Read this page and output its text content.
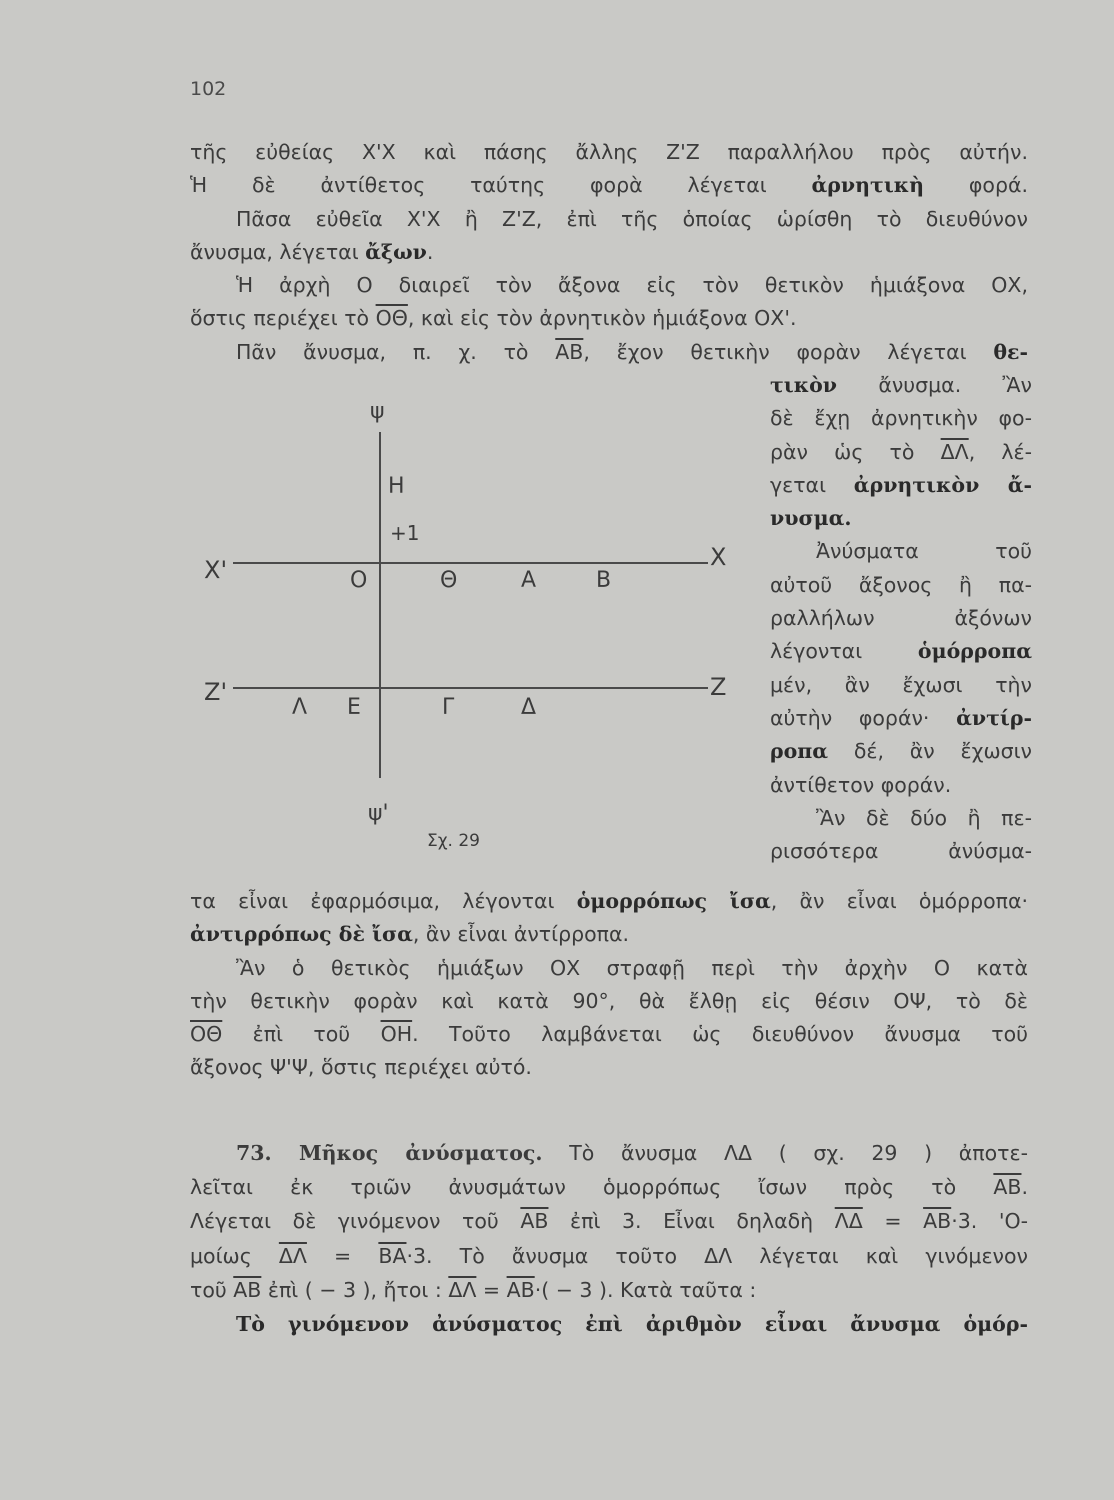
102
τῆς εὐθείας Χ'Χ καὶ πάσης ἄλλης Ζ'Ζ παραλλήλου πρὸς αὐτήν.
Ἡ δὲ ἀντίθετος ταύτης φορὰ λέγεται ἀρνητικὴ φορά.
Πᾶσα εὐθεῖα Χ'Χ ἢ Ζ'Ζ, ἐπὶ τῆς ὁποίας ὡρίσθη τὸ διευθύνον
ἄνυσμα, λέγεται ἄξων.
Ἡ ἀρχὴ Ο διαιρεῖ τὸν ἄξονα εἰς τὸν θετικὸν ἡμιάξονα ΟΧ,
ὅστις περιέχει τὸ $\overline{O\Theta}$, καὶ εἰς τὸν ἀρνητικὸν ἡμιάξονα ΟΧ'.
Πᾶν ἄνυσμα, π. χ. τὸ $\overline{AB}$, ἔχον θετικὴν φορὰν λέγεται θε-
τικὸν ἄνυσμα. Ἂν
δὲ ἔχῃ ἀρνητικὴν φο-
ρὰν ὡς τὸ $\overline{\Delta\Lambda}$, λέ-
γεται ἀρνητικὸν ἄ-
νυσμα.
Ἀνύσματα τοῦ
αὐτοῦ ἄξονος ἢ πα-
ραλλήλων ἀξόνων
λέγονται ὁμόρροπα
μέν, ἂν ἔχωσι τὴν
αὐτὴν φοράν· ἀντίρ-
ροπα δέ, ἂν ἔχωσιν
ἀντίθετον φοράν.
Ἂν δὲ δύο ἢ πε-
ρισσότερα ἀνύσμα-
ψ
Η
+1
Χ'	Χ
Ο	Θ	Α	Β
Ζ'	Ζ
Λ Ε	Γ	Δ
ψ'
Σχ. 29
τα εἶναι ἐφαρμόσιμα, λέγονται ὁμορρόπως ἴσα, ἂν εἶναι ὁμόρροπα·
ἀντιρρόπως δὲ ἴσα, ἂν εἶναι ἀντίρροπα.
Ἂν ὁ θετικὸς ἡμιάξων ΟΧ στραφῇ περὶ τὴν ἀρχὴν Ο κατὰ
τὴν θετικὴν φορὰν καὶ κατὰ 90°, θὰ ἔλθῃ εἰς θέσιν ΟΨ, τὸ δὲ
$\overline{O\Theta}$ ἐπὶ τοῦ $\overline{OH}$. Τοῦτο λαμβάνεται ὡς διευθύνον ἄνυσμα τοῦ
ἄξονος Ψ'Ψ, ὅστις περιέχει αὐτό.
73. Μῆκος ἀνύσματος. Τὸ ἄνυσμα ΛΔ ( σχ. 29 ) ἀποτε-
λεῖται ἐκ τριῶν ἀνυσμάτων ὁμορρόπως ἴσων πρὸς τὸ $\overline{AB}$.
Λέγεται δὲ γινόμενον τοῦ $\overline{AB}$ ἐπὶ 3. Εἶναι δηλαδὴ $\overline{\Lambda\Delta} = \overline{AB}\cdot 3$. 'Ο-
μοίως $\overline{\Delta\Lambda} = \overline{BA}\cdot 3$. Τὸ ἄνυσμα τοῦτο ΔΛ λέγεται καὶ γινόμενον
τοῦ $\overline{AB}$ ἐπὶ ( − 3 ), ἤτοι : $\overline{\Delta\Lambda} = \overline{AB}\cdot( - 3$ ). Κατὰ ταῦτα :
Τὸ γινόμενον ἀνύσματος ἐπὶ ἀριθμὸν εἶναι ἄνυσμα ὁμόρ-
